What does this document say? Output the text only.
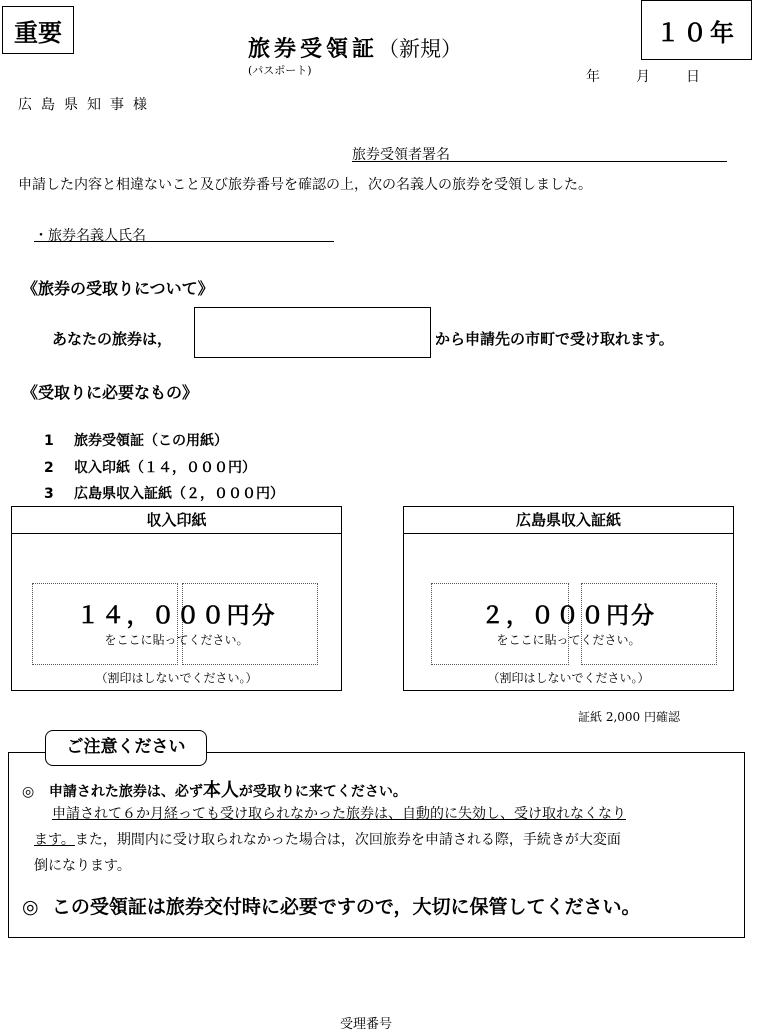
重要
旅券受領証（新規）
(パスポート)
１０年
年	月	日
広島県知事様
旅券受領者署名
申請した内容と相違ないこと及び旅券番号を確認の上，次の名義人の旅券を受領しました。
・旅券名義人氏名
《旅券の受取りについて》
あなたの旅券は，	から申請先の市町で受け取れます。
《受取りに必要なもの》
1 旅券受領証（この用紙）
2 収入印紙（１４，０００円）
3 広島県収入証紙（２，０００円）
収入印紙
１４，０００円分
をここに貼ってください。
（割印はしないでください。）
広島県収入証紙
２，０００円分
をここに貼ってください。
（割印はしないでください。）
証紙 2,000 円確認
ご注意ください
◎ 申請された旅券は、必ず本人が受取りに来てください。
申請されて６か月経っても受け取られなかった旅券は、自動的に失効し、受け取れなくなり
ます。また，期間内に受け取られなかった場合は，次回旅券を申請される際，手続きが大変面
倒になります。
◎ この受領証は旅券交付時に必要ですので，大切に保管してください。
受理番号
